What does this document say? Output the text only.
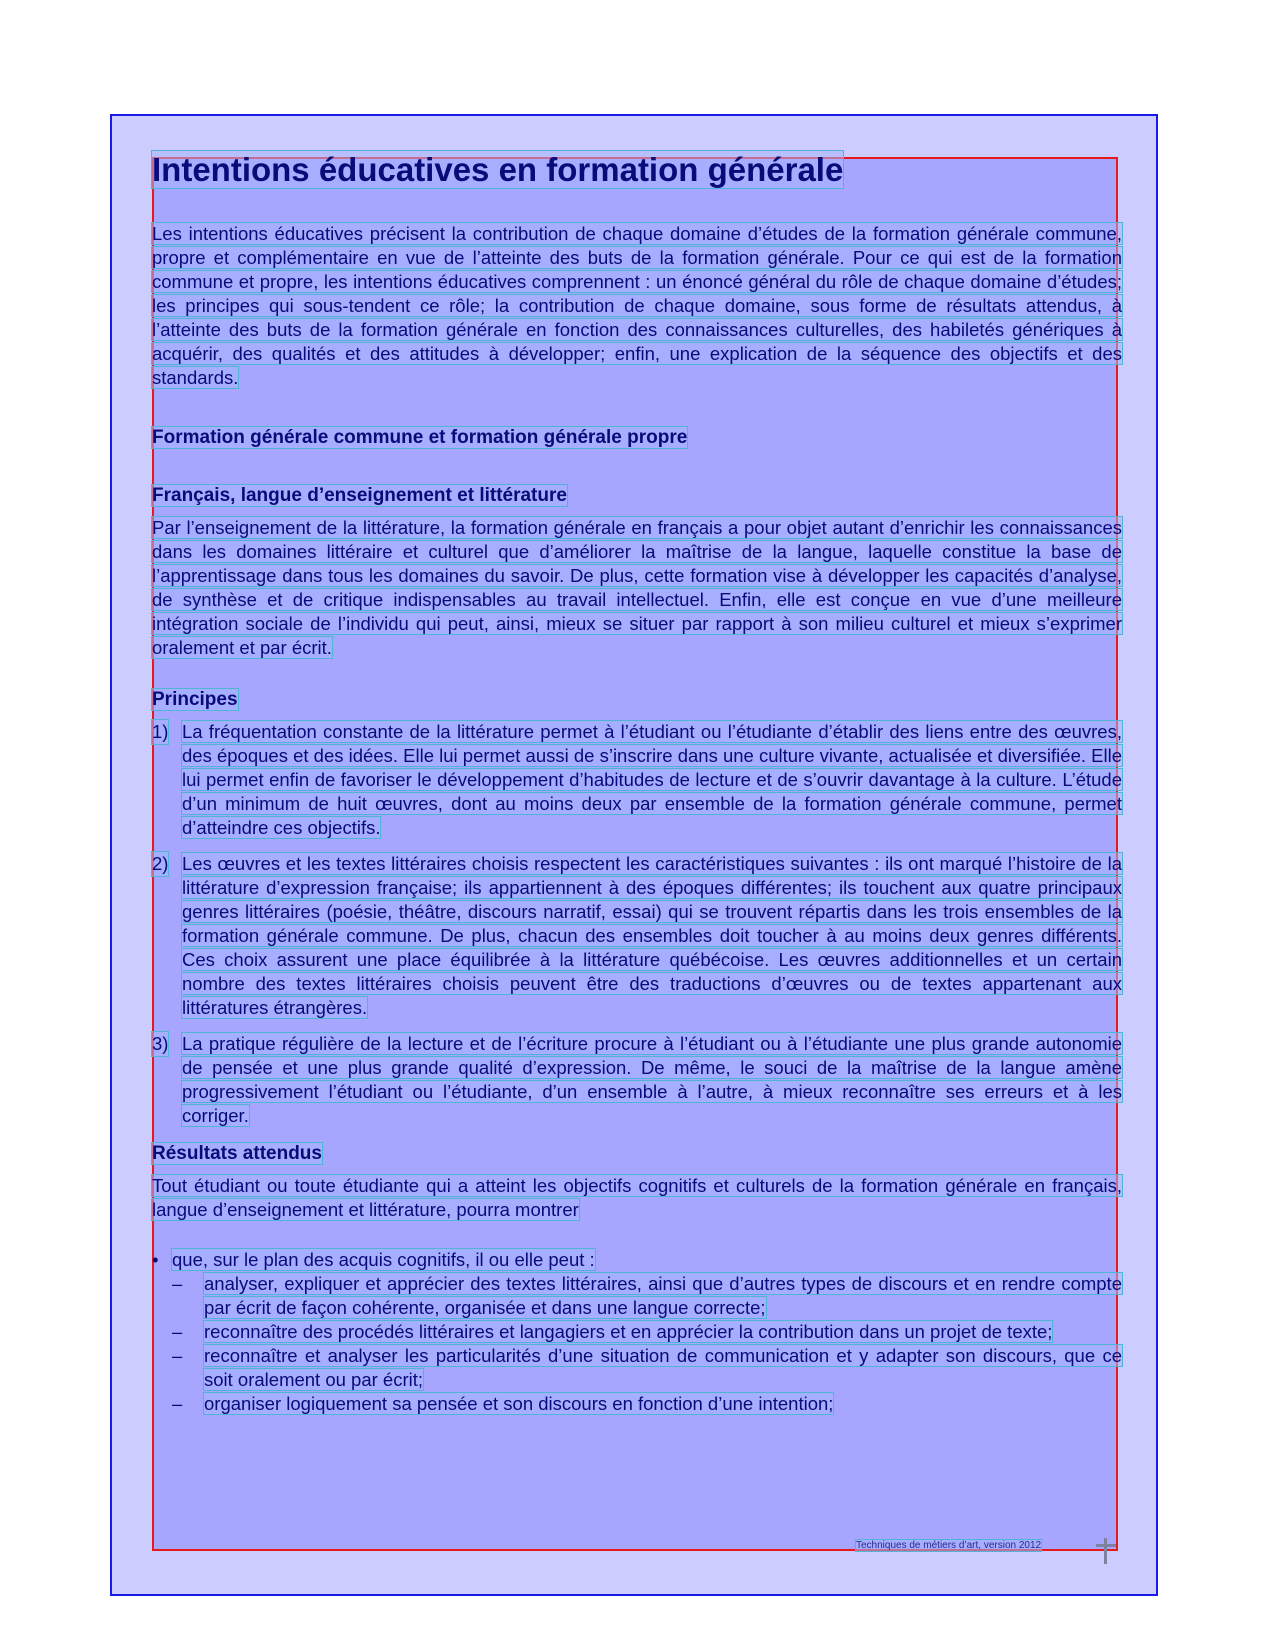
Intentions éducatives en formation générale

Les intentions éducatives précisent la contribution de chaque domaine d’études de la formation générale commune, propre et complémentaire en vue de l’atteinte des buts de la formation générale. Pour ce qui est de la formation commune et propre, les intentions éducatives comprennent : un énoncé général du rôle de chaque domaine d’études; les principes qui sous-tendent ce rôle; la contribution de chaque domaine, sous forme de résultats attendus, à l’atteinte des buts de la formation générale en fonction des connaissances culturelles, des habiletés génériques à acquérir, des qualités et des attitudes à développer; enfin, une explication de la séquence des objectifs et des standards.

Formation générale commune et formation générale propre
Français, langue d’enseignement et littérature

Par l’enseignement de la littérature, la formation générale en français a pour objet autant d’enrichir les connaissances dans les domaines littéraire et culturel que d’améliorer la maîtrise de la langue, laquelle constitue la base de l’apprentissage dans tous les domaines du savoir. De plus, cette formation vise à développer les capacités d’analyse, de synthèse et de critique indispensables au travail intellectuel. Enfin, elle est conçue en vue d’une meilleure intégration sociale de l’individu qui peut, ainsi, mieux se situer par rapport à son milieu culturel et mieux s’exprimer oralement et par écrit.

Principes
1) La fréquentation constante de la littérature permet à l’étudiant ou l’étudiante d’établir des liens entre des œuvres, des époques et des idées. Elle lui permet aussi de s’inscrire dans une culture vivante, actualisée et diversifiée. Elle lui permet enfin de favoriser le développement d’habitudes de lecture et de s’ouvrir davantage à la culture. L’étude d’un minimum de huit œuvres, dont au moins deux par ensemble de la formation générale commune, permet d’atteindre ces objectifs.
2) Les œuvres et les textes littéraires choisis respectent les caractéristiques suivantes : ils ont marqué l’histoire de la littérature d’expression française; ils appartiennent à des époques différentes; ils touchent aux quatre principaux genres littéraires (poésie, théâtre, discours narratif, essai) qui se trouvent répartis dans les trois ensembles de la formation générale commune. De plus, chacun des ensembles doit toucher à au moins deux genres différents. Ces choix assurent une place équilibrée à la littérature québécoise. Les œuvres additionnelles et un certain nombre des textes littéraires choisis peuvent être des traductions d’œuvres ou de textes appartenant aux littératures étrangères.
3) La pratique régulière de la lecture et de l’écriture procure à l’étudiant ou à l’étudiante une plus grande autonomie de pensée et une plus grande qualité d’expression. De même, le souci de la maîtrise de la langue amène progressivement l’étudiant ou l’étudiante, d’un ensemble à l’autre, à mieux reconnaître ses erreurs et à les corriger.
Résultats attendus

Tout étudiant ou toute étudiante qui a atteint les objectifs cognitifs et culturels de la formation générale en français, langue d’enseignement et littérature, pourra montrer

• que, sur le plan des acquis cognitifs, il ou elle peut :
– analyser, expliquer et apprécier des textes littéraires, ainsi que d’autres types de discours et en rendre compte par écrit de façon cohérente, organisée et dans une langue correcte;
– reconnaître des procédés littéraires et langagiers et en apprécier la contribution dans un projet de texte;
– reconnaître et analyser les particularités d’une situation de communication et y adapter son discours, que ce soit oralement ou par écrit;
– organiser logiquement sa pensée et son discours en fonction d’une intention;
Techniques de métiers d’art, version 2012
